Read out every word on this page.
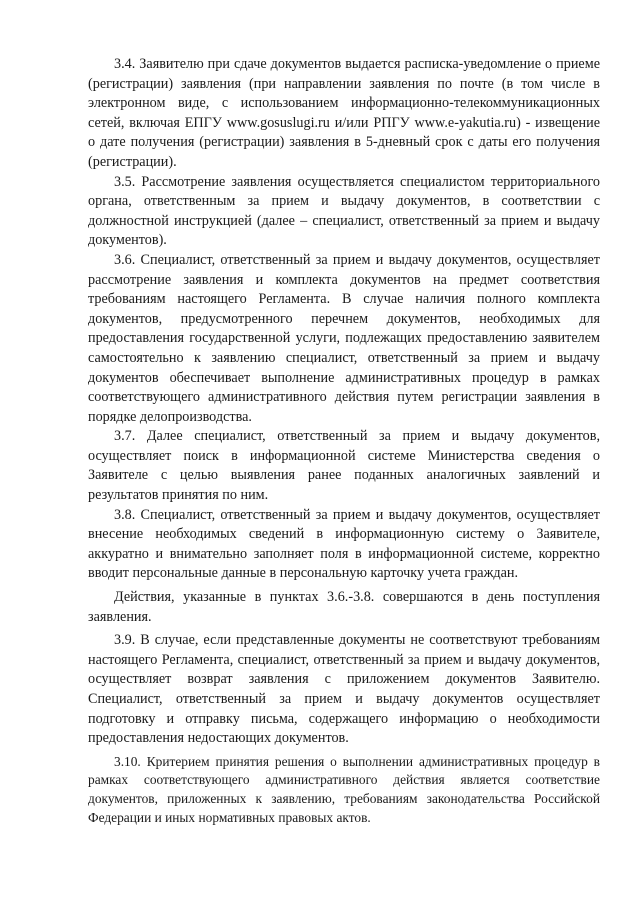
3.4. Заявителю при сдаче документов выдается расписка-уведомление о приеме (регистрации) заявления (при направлении заявления по почте (в том числе в электронном виде, с использованием информационно-телекоммуникационных сетей, включая ЕПГУ www.gosuslugi.ru и/или РПГУ www.e-yakutia.ru) - извещение о дате получения (регистрации) заявления в 5-дневный срок с даты его получения (регистрации).

3.5. Рассмотрение заявления осуществляется специалистом территориального органа, ответственным за прием и выдачу документов, в соответствии с должностной инструкцией (далее – специалист, ответственный за прием и выдачу документов).

3.6. Специалист, ответственный за прием и выдачу документов, осуществляет рассмотрение заявления и комплекта документов на предмет соответствия требованиям настоящего Регламента. В случае наличия полного комплекта документов, предусмотренного перечнем документов, необходимых для предоставления государственной услуги, подлежащих предоставлению заявителем самостоятельно к заявлению специалист, ответственный за прием и выдачу документов обеспечивает выполнение административных процедур в рамках соответствующего административного действия путем регистрации заявления в порядке делопроизводства.

3.7. Далее специалист, ответственный за прием и выдачу документов, осуществляет поиск в информационной системе Министерства сведения о Заявителе с целью выявления ранее поданных аналогичных заявлений и результатов принятия по ним.

3.8. Специалист, ответственный за прием и выдачу документов, осуществляет внесение необходимых сведений в информационную систему о Заявителе, аккуратно и внимательно заполняет поля в информационной системе, корректно вводит персональные данные в персональную карточку учета граждан.

Действия, указанные в пунктах 3.6.-3.8. совершаются в день поступления заявления.

3.9. В случае, если представленные документы не соответствуют требованиям настоящего Регламента, специалист, ответственный за прием и выдачу документов, осуществляет возврат заявления с приложением документов Заявителю. Специалист, ответственный за прием и выдачу документов осуществляет подготовку и отправку письма, содержащего информацию о необходимости предоставления недостающих документов.

3.10. Критерием принятия решения о выполнении административных процедур в рамках соответствующего административного действия является соответствие документов, приложенных к заявлению, требованиям законодательства Российской Федерации и иных нормативных правовых актов.
